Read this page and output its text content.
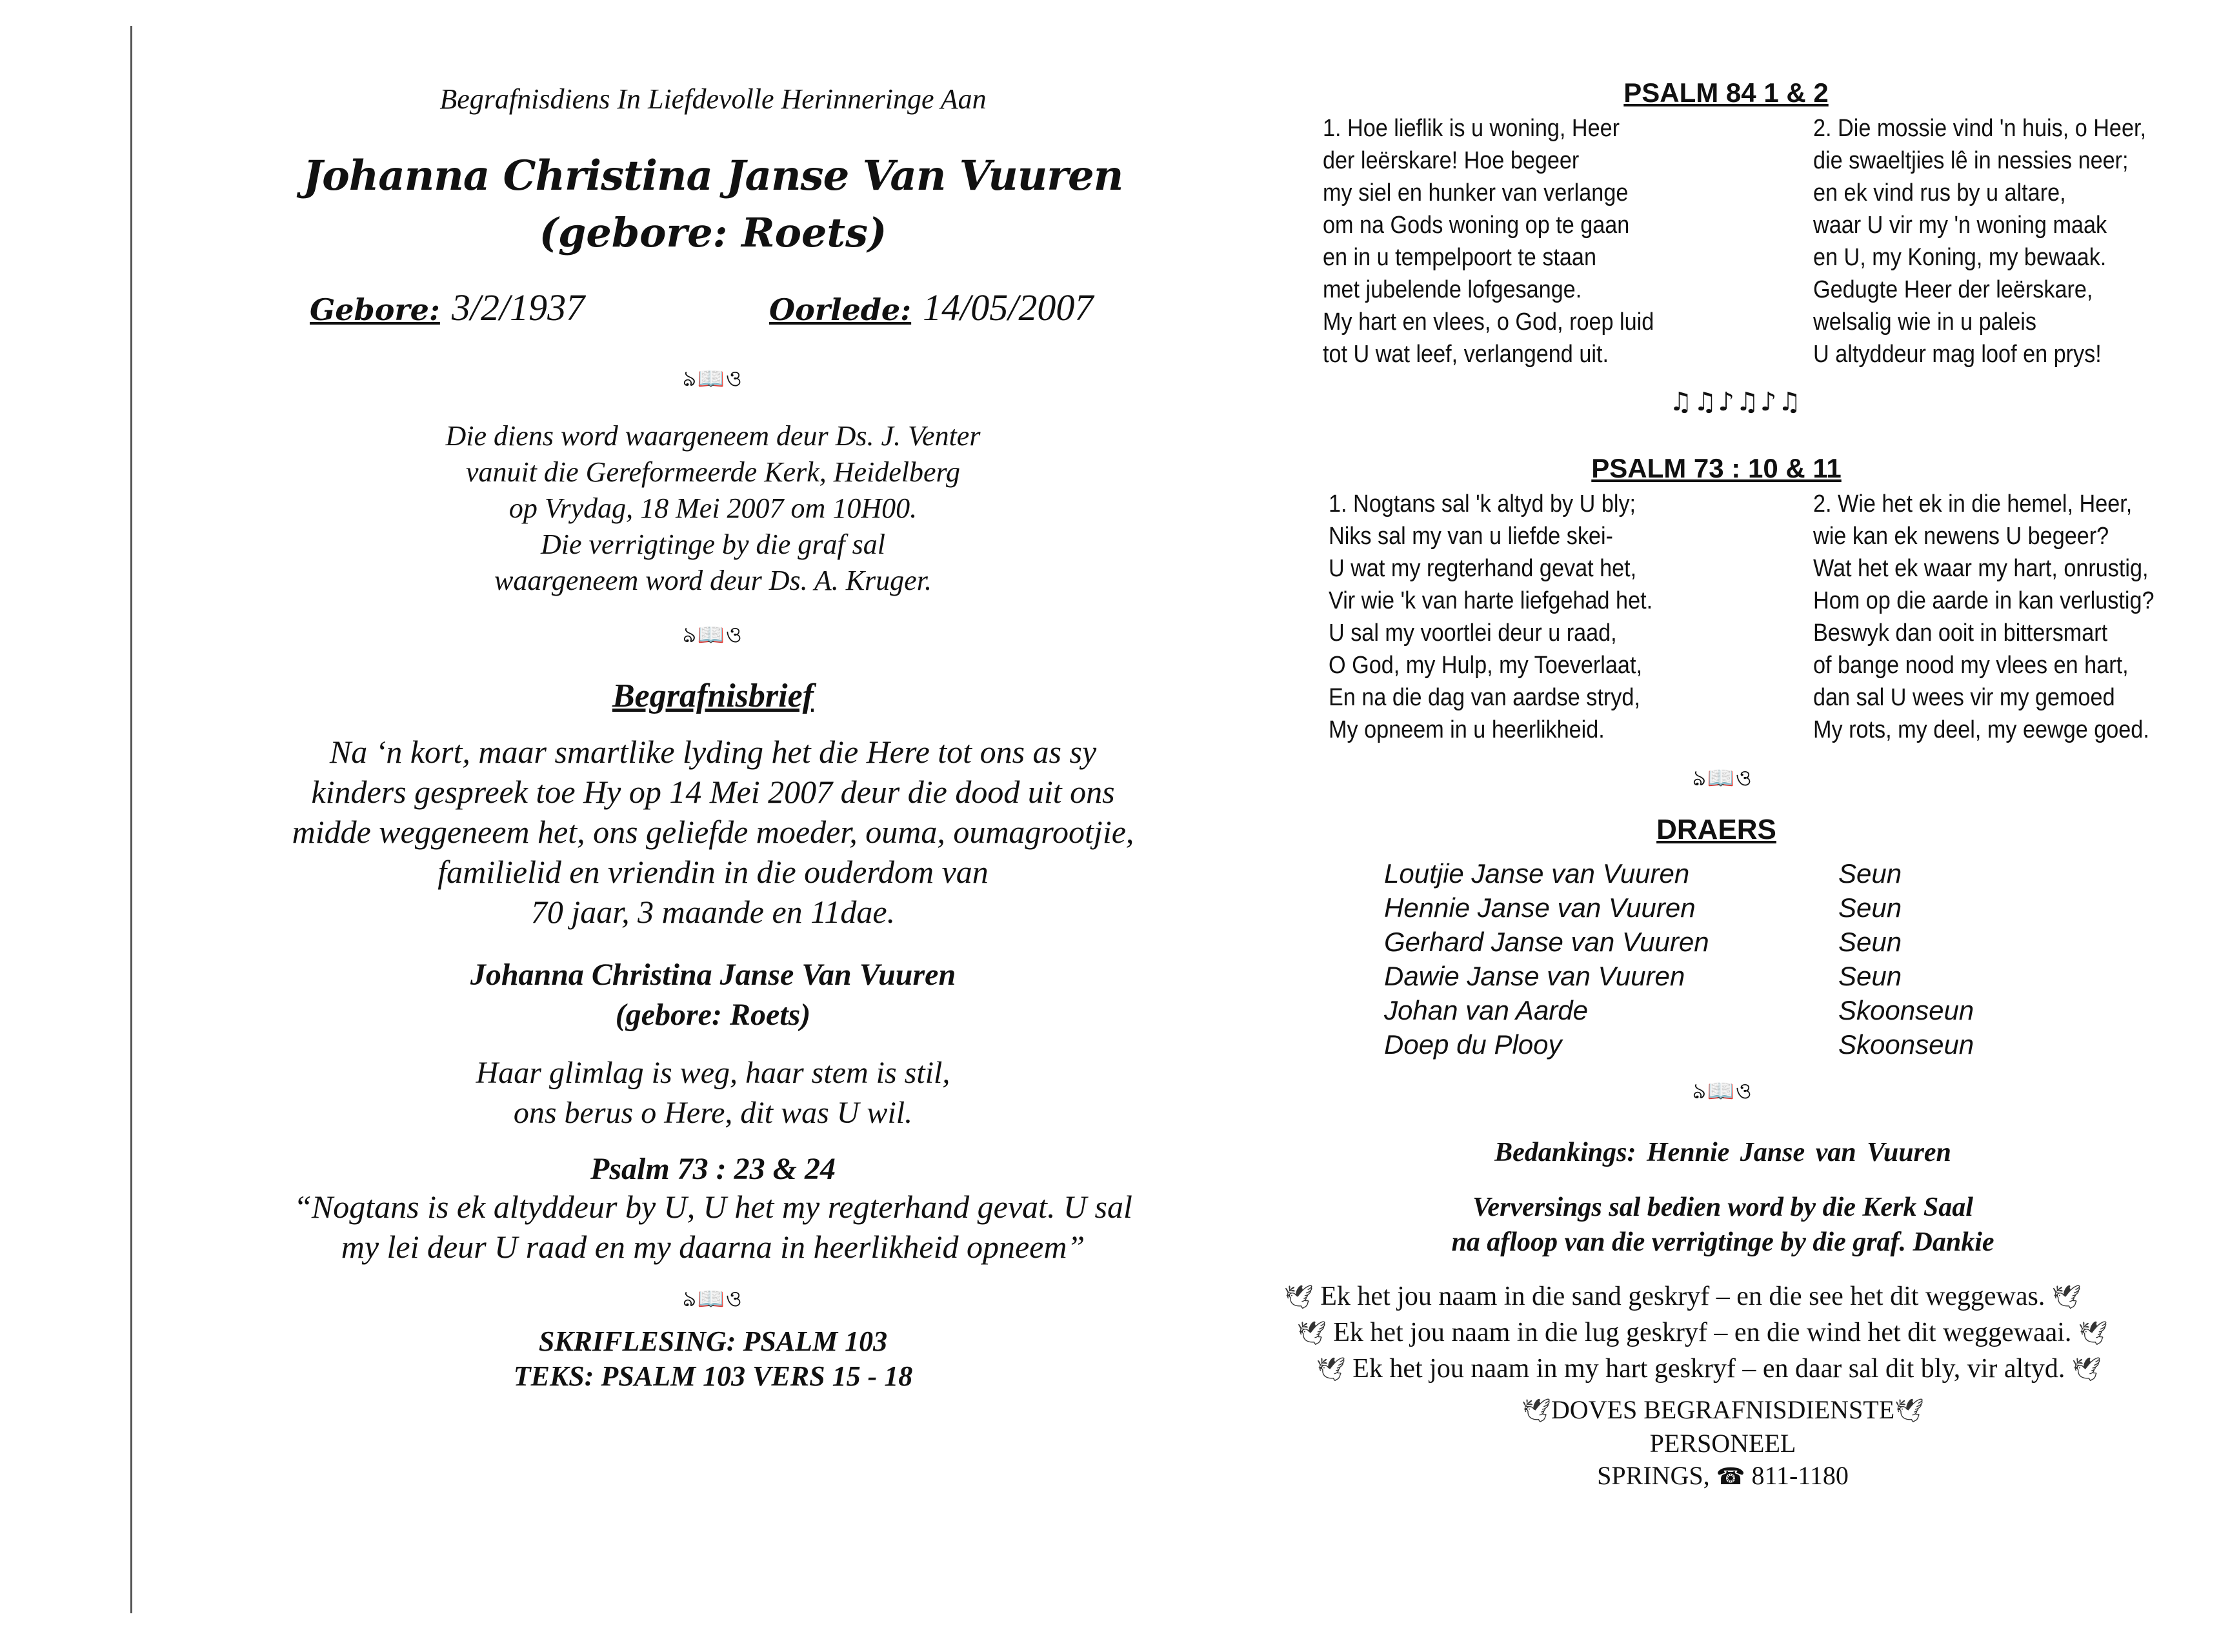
Begrafnisdiens In Liefdevolle Herinneringe Aan
Johanna Christina Janse Van Vuuren
(gebore: Roets)
Gebore: 3/2/1937	Oorlede: 14/05/2007
ঌ📖ও
Die diens word waargeneem deur Ds. J. Venter
vanuit die Gereformeerde Kerk, Heidelberg
op Vrydag, 18 Mei 2007 om 10H00.
Die verrigtinge by die graf sal
waargeneem word deur Ds. A. Kruger.
ঌ📖ও
Begrafnisbrief
Na ‘n kort, maar smartlike lyding het die Here tot ons as sy
kinders gespreek toe Hy op 14 Mei 2007 deur die dood uit ons
midde weggeneem het, ons geliefde moeder, ouma, oumagrootjie,
familielid en vriendin in die ouderdom van
70 jaar, 3 maande en 11dae.
Johanna Christina Janse Van Vuuren
(gebore: Roets)
Haar glimlag is weg, haar stem is stil,
ons berus o Here, dit was U wil.
Psalm 73 : 23 & 24
“Nogtans is ek altyddeur by U, U het my regterhand gevat. U sal
my lei deur U raad en my daarna in heerlikheid opneem”
ঌ📖ও
SKRIFLESING: PSALM 103
TEKS: PSALM 103 VERS 15 - 18
PSALM 84 1 & 2
1. Hoe lieflik is u woning, Heer
der leërskare! Hoe begeer
my siel en hunker van verlange
om na Gods woning op te gaan
en in u tempelpoort te staan
met jubelende lofgesange.
My hart en vlees, o God, roep luid
tot U wat leef, verlangend uit.
2. Die mossie vind 'n huis, o Heer,
die swaeltjies lê in nessies neer;
en ek vind rus by u altare,
waar U vir my 'n woning maak
en U, my Koning, my bewaak.
Gedugte Heer der leërskare,
welsalig wie in u paleis
U altyddeur mag loof en prys!
♫♫♪♫♪♫
PSALM 73 : 10 & 11
1. Nogtans sal 'k altyd by U bly;
Niks sal my van u liefde skei-
U wat my regterhand gevat het,
Vir wie 'k van harte liefgehad het.
U sal my voortlei deur u raad,
O God, my Hulp, my Toeverlaat,
En na die dag van aardse stryd,
My opneem in u heerlikheid.
2. Wie het ek in die hemel, Heer,
wie kan ek newens U begeer?
Wat het ek waar my hart, onrustig,
Hom op die aarde in kan verlustig?
Beswyk dan ooit in bittersmart
of bange nood my vlees en hart,
dan sal U wees vir my gemoed
My rots, my deel, my eewge goed.
ঌ📖ও
DRAERS
Loutjie Janse van Vuuren	Seun
Hennie Janse van Vuuren	Seun
Gerhard Janse van Vuuren	Seun
Dawie Janse van Vuuren	Seun
Johan van Aarde	Skoonseun
Doep du Plooy	Skoonseun
ঌ📖ও
Bedankings: Hennie Janse van Vuuren
Verversings sal bedien word by die Kerk Saal
na afloop van die verrigtinge by die graf. Dankie
🕊 Ek het jou naam in die sand geskryf – en die see het dit weggewas. 🕊
🕊 Ek het jou naam in die lug geskryf – en die wind het dit weggewaai. 🕊
🕊 Ek het jou naam in my hart geskryf – en daar sal dit bly, vir altyd. 🕊
🕊DOVES BEGRAFNISDIENSTE🕊
PERSONEEL
SPRINGS, ☎ 811-1180
